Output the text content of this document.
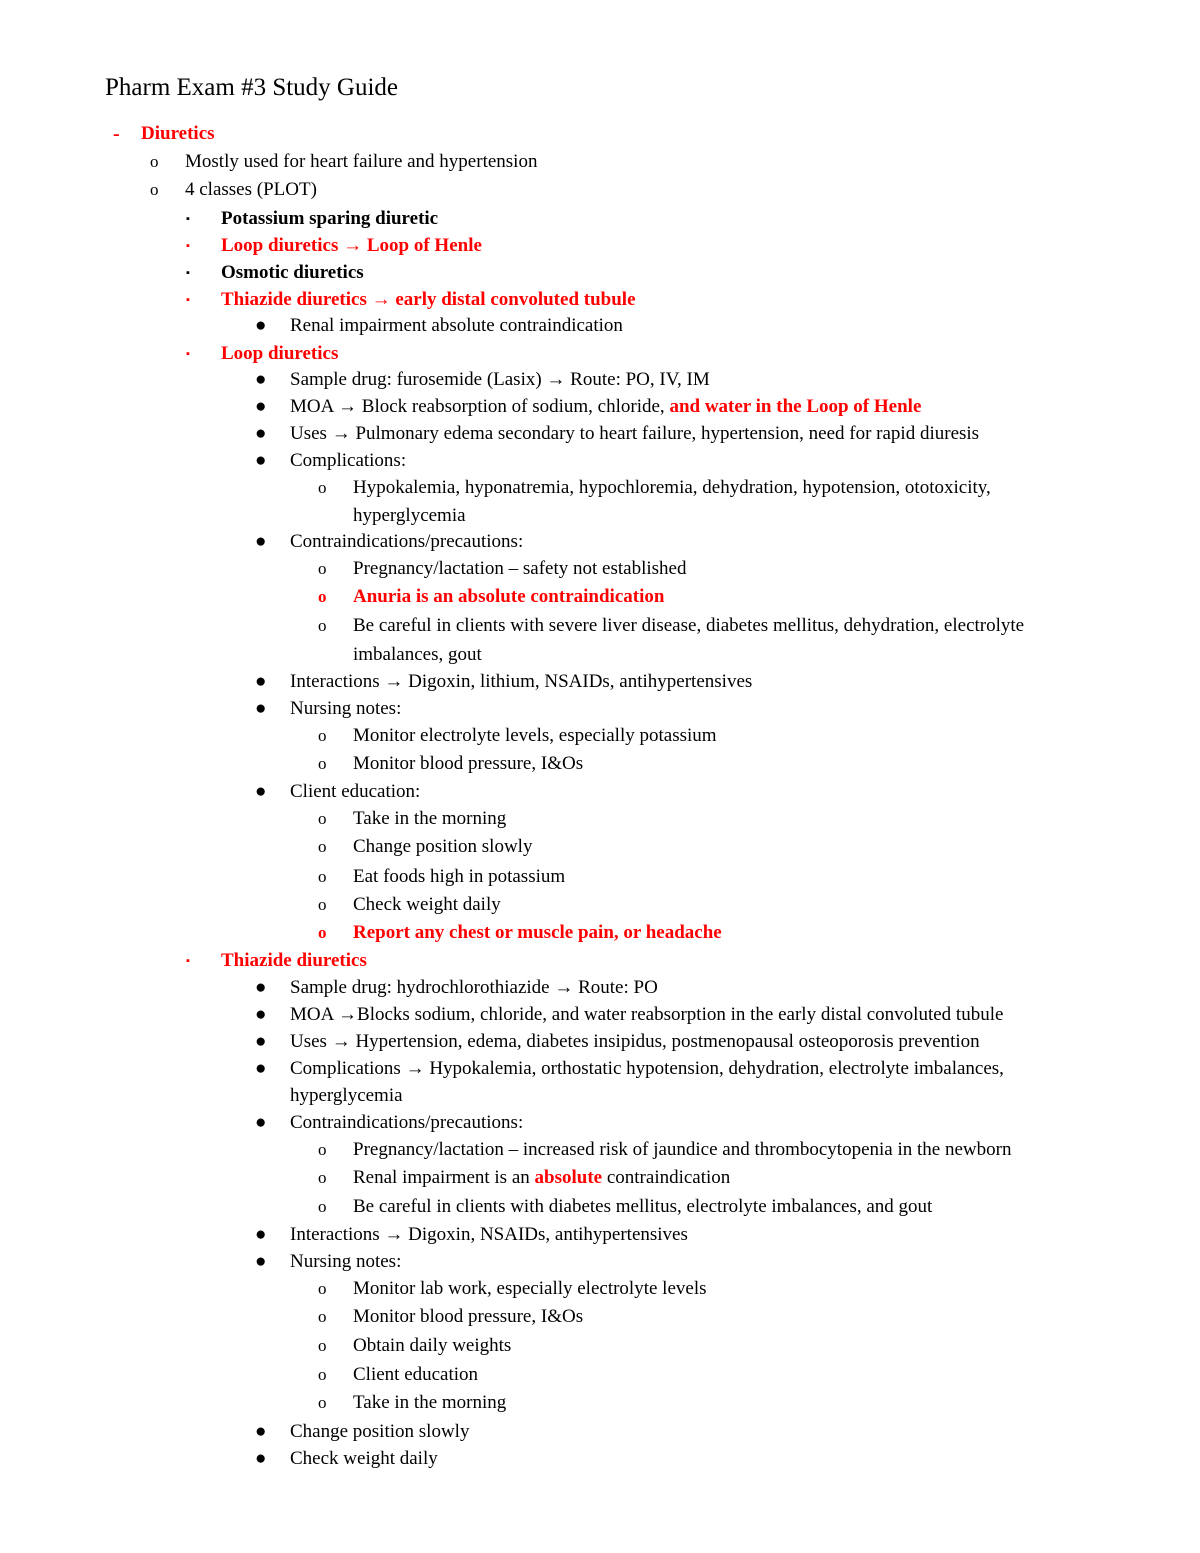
Pharm Exam #3 Study Guide
- Diuretics
o Mostly used for heart failure and hypertension
o 4 classes (PLOT)
▪ Potassium sparing diuretic
▪ Loop diuretics → Loop of Henle
▪ Osmotic diuretics
▪ Thiazide diuretics → early distal convoluted tubule
● Renal impairment absolute contraindication
▪ Loop diuretics
● Sample drug: furosemide (Lasix) → Route: PO, IV, IM
● MOA → Block reabsorption of sodium, chloride, and water in the Loop of Henle
● Uses → Pulmonary edema secondary to heart failure, hypertension, need for rapid diuresis
● Complications:
o Hypokalemia, hyponatremia, hypochloremia, dehydration, hypotension, ototoxicity,
hyperglycemia
● Contraindications/precautions:
o Pregnancy/lactation – safety not established
o Anuria is an absolute contraindication
o Be careful in clients with severe liver disease, diabetes mellitus, dehydration, electrolyte
imbalances, gout
● Interactions → Digoxin, lithium, NSAIDs, antihypertensives
● Nursing notes:
o Monitor electrolyte levels, especially potassium
o Monitor blood pressure, I&Os
● Client education:
o Take in the morning
o Change position slowly
o Eat foods high in potassium
o Check weight daily
o Report any chest or muscle pain, or headache
▪ Thiazide diuretics
● Sample drug: hydrochlorothiazide → Route: PO
● MOA →Blocks sodium, chloride, and water reabsorption in the early distal convoluted tubule
● Uses → Hypertension, edema, diabetes insipidus, postmenopausal osteoporosis prevention
● Complications → Hypokalemia, orthostatic hypotension, dehydration, electrolyte imbalances,
hyperglycemia
● Contraindications/precautions:
o Pregnancy/lactation – increased risk of jaundice and thrombocytopenia in the newborn
o Renal impairment is an absolute contraindication
o Be careful in clients with diabetes mellitus, electrolyte imbalances, and gout
● Interactions → Digoxin, NSAIDs, antihypertensives
● Nursing notes:
o Monitor lab work, especially electrolyte levels
o Monitor blood pressure, I&Os
o Obtain daily weights
o Client education
o Take in the morning
● Change position slowly
● Check weight daily
